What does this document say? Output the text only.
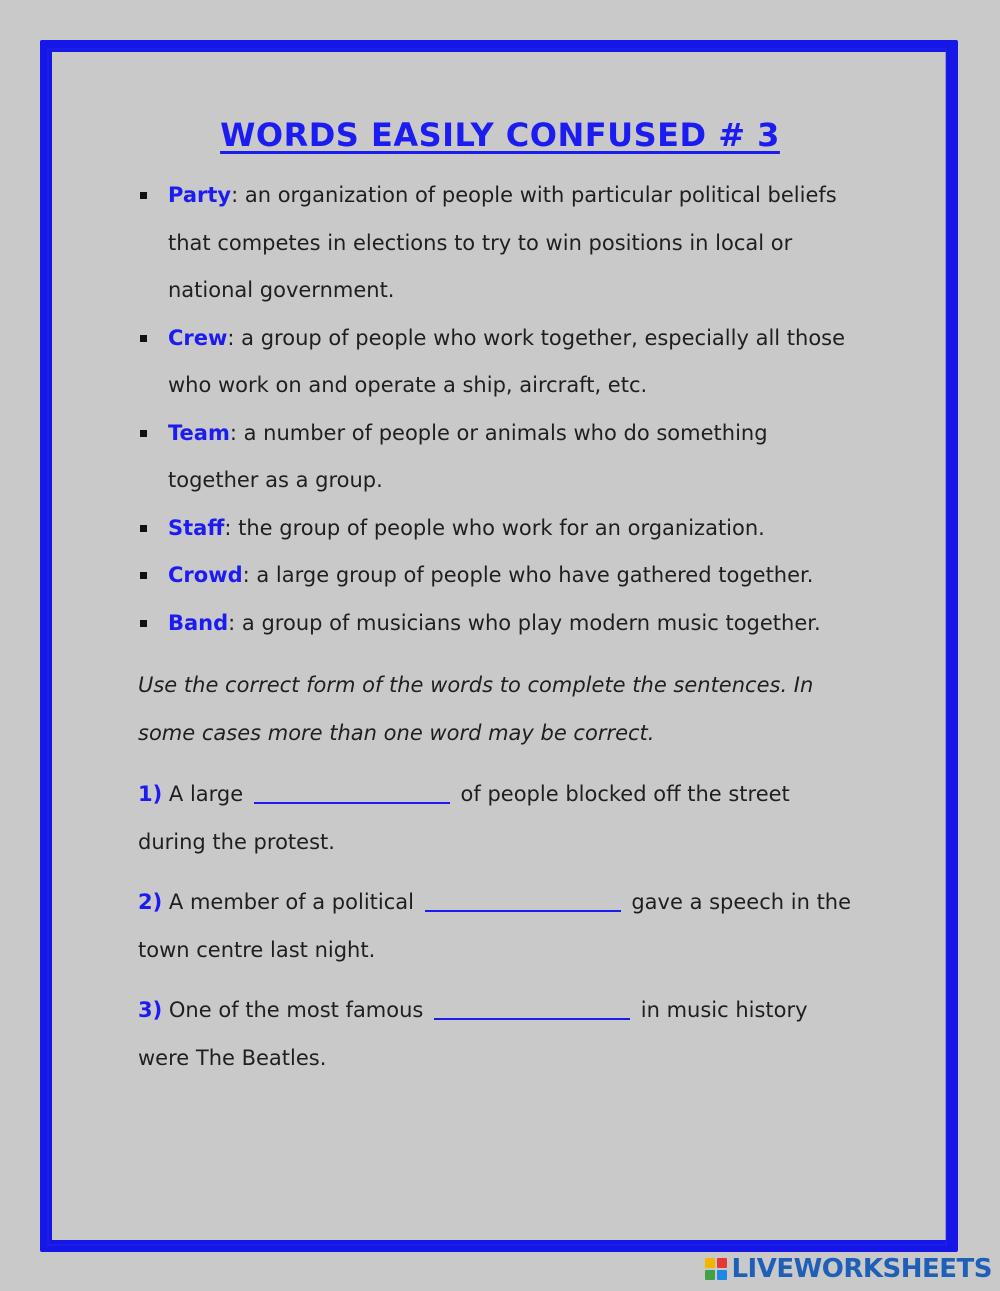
WORDS EASILY CONFUSED # 3
Party: an organization of people with particular political beliefs that competes in elections to try to win positions in local or national government.
Crew: a group of people who work together, especially all those who work on and operate a ship, aircraft, etc.
Team: a number of people or animals who do something together as a group.
Staff: the group of people who work for an organization.
Crowd: a large group of people who have gathered together.
Band: a group of musicians who play modern music together.
Use the correct form of the words to complete the sentences. In some cases more than one word may be correct.
1) A large	of people blocked off the street during the protest.
2) A member of a political	gave a speech in the town centre last night.
3) One of the most famous	in music history were The Beatles.
LIVEWORKSHEETS
